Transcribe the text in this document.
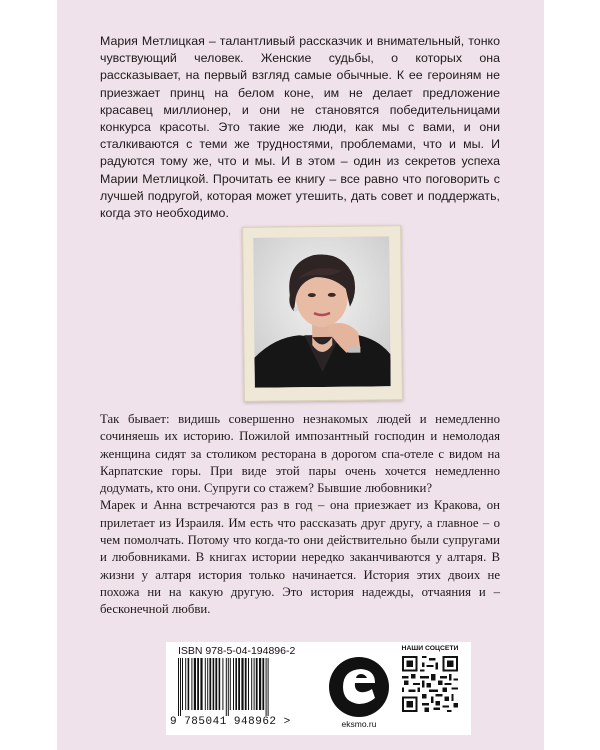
Мария Метлицкая – талантливый рассказчик и внимательный, тонко чувствующий человек. Женские судьбы, о которых она рассказывает, на первый взгляд самые обычные. К ее героиням не приезжает принц на белом коне, им не делает предложение красавец миллионер, и они не становятся победительницами конкурса красоты. Это такие же люди, как мы с вами, и они сталкиваются с теми же трудностями, проблемами, что и мы. И радуются тому же, что и мы. И в этом – один из секретов успеха Марии Метлицкой. Прочитать ее книгу – все равно что поговорить с лучшей подругой, которая может утешить, дать совет и поддержать, когда это необходимо.

Так бывает: видишь совершенно незнакомых людей и немедленно сочиняешь их историю. Пожилой импозантный господин и немолодая женщина сидят за столиком ресторана в дорогом спа-отеле с видом на Карпатские горы. При виде этой пары очень хочется немедленно додумать, кто они. Супруги со стажем? Бывшие любовники?

Марек и Анна встречаются раз в год – она приезжает из Кракова, он прилетает из Израиля. Им есть что рассказать друг другу, а главное – о чем помолчать. Потому что когда-то они действительно были супругами и любовниками. В книгах истории нередко заканчиваются у алтаря. В жизни у алтаря история только начинается. История этих двоих не похожа ни на какую другую. Это история надежды, отчаяния и – бесконечной любви.

ISBN 978-5-04-194896-2
9 785041 948962 >	eksmo.ru
НАШИ СОЦСЕТИ
